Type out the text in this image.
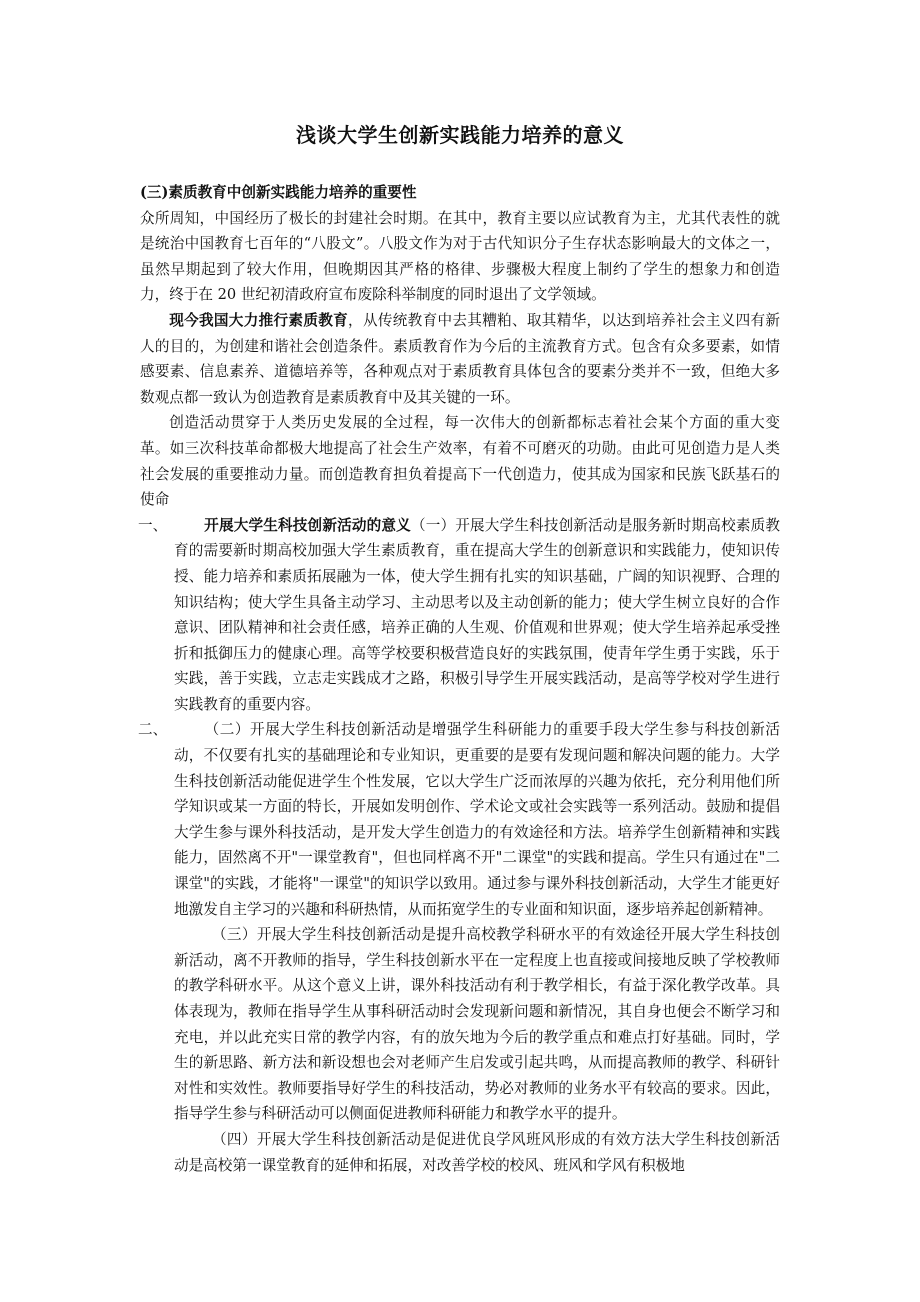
浅谈大学生创新实践能力培养的意义

(三)素质教育中创新实践能力培养的重要性

众所周知，中国经历了极长的封建社会时期。在其中，教育主要以应试教育为主，尤其代表性的就是统治中国教育七百年的“八股文”。八股文作为对于古代知识分子生存状态影响最大的文体之一，虽然早期起到了较大作用，但晚期因其严格的格律、步骤极大程度上制约了学生的想象力和创造力，终于在 20 世纪初清政府宣布废除科举制度的同时退出了文学领域。

现今我国大力推行素质教育，从传统教育中去其糟粕、取其精华，以达到培养社会主义四有新人的目的，为创建和谐社会创造条件。素质教育作为今后的主流教育方式。包含有众多要素，如情感要素、信息素养、道德培养等，各种观点对于素质教育具体包含的要素分类并不一致，但绝大多数观点都一致认为创造教育是素质教育中及其关键的一环。

创造活动贯穿于人类历史发展的全过程，每一次伟大的创新都标志着社会某个方面的重大变革。如三次科技革命都极大地提高了社会生产效率，有着不可磨灭的功勋。由此可见创造力是人类社会发展的重要推动力量。而创造教育担负着提高下一代创造力，使其成为国家和民族飞跃基石的使命

一、	开展大学生科技创新活动的意义（一）开展大学生科技创新活动是服务新时期高校素质教育的需要新时期高校加强大学生素质教育，重在提高大学生的创新意识和实践能力，使知识传授、能力培养和素质拓展融为一体，使大学生拥有扎实的知识基础，广阔的知识视野、合理的知识结构；使大学生具备主动学习、主动思考以及主动创新的能力；使大学生树立良好的合作意识、团队精神和社会责任感，培养正确的人生观、价值观和世界观；使大学生培养起承受挫折和抵御压力的健康心理。高等学校要积极营造良好的实践氛围，使青年学生勇于实践，乐于实践，善于实践，立志走实践成才之路，积极引导学生开展实践活动，是高等学校对学生进行实践教育的重要内容。
二、	（二）开展大学生科技创新活动是增强学生科研能力的重要手段大学生参与科技创新活动，不仅要有扎实的基础理论和专业知识，更重要的是要有发现问题和解决问题的能力。大学生科技创新活动能促进学生个性发展，它以大学生广泛而浓厚的兴趣为依托，充分利用他们所学知识或某一方面的特长，开展如发明创作、学术论文或社会实践等一系列活动。鼓励和提倡大学生参与课外科技活动，是开发大学生创造力的有效途径和方法。培养学生创新精神和实践能力，固然离不开"一课堂教育"，但也同样离不开"二课堂"的实践和提高。学生只有通过在"二课堂"的实践，才能将"一课堂"的知识学以致用。通过参与课外科技创新活动，大学生才能更好地激发自主学习的兴趣和科研热情，从而拓宽学生的专业面和知识面，逐步培养起创新精神。

（三）开展大学生科技创新活动是提升高校教学科研水平的有效途径开展大学生科技创新活动，离不开教师的指导，学生科技创新水平在一定程度上也直接或间接地反映了学校教师的教学科研水平。从这个意义上讲，课外科技活动有利于教学相长，有益于深化教学改革。具体表现为，教师在指导学生从事科研活动时会发现新问题和新情况，其自身也便会不断学习和充电，并以此充实日常的教学内容，有的放矢地为今后的教学重点和难点打好基础。同时，学生的新思路、新方法和新设想也会对老师产生启发或引起共鸣，从而提高教师的教学、科研针对性和实效性。教师要指导好学生的科技活动，势必对教师的业务水平有较高的要求。因此，指导学生参与科研活动可以侧面促进教师科研能力和教学水平的提升。

（四）开展大学生科技创新活动是促进优良学风班风形成的有效方法大学生科技创新活动是高校第一课堂教育的延伸和拓展，对改善学校的校风、班风和学风有积极地
